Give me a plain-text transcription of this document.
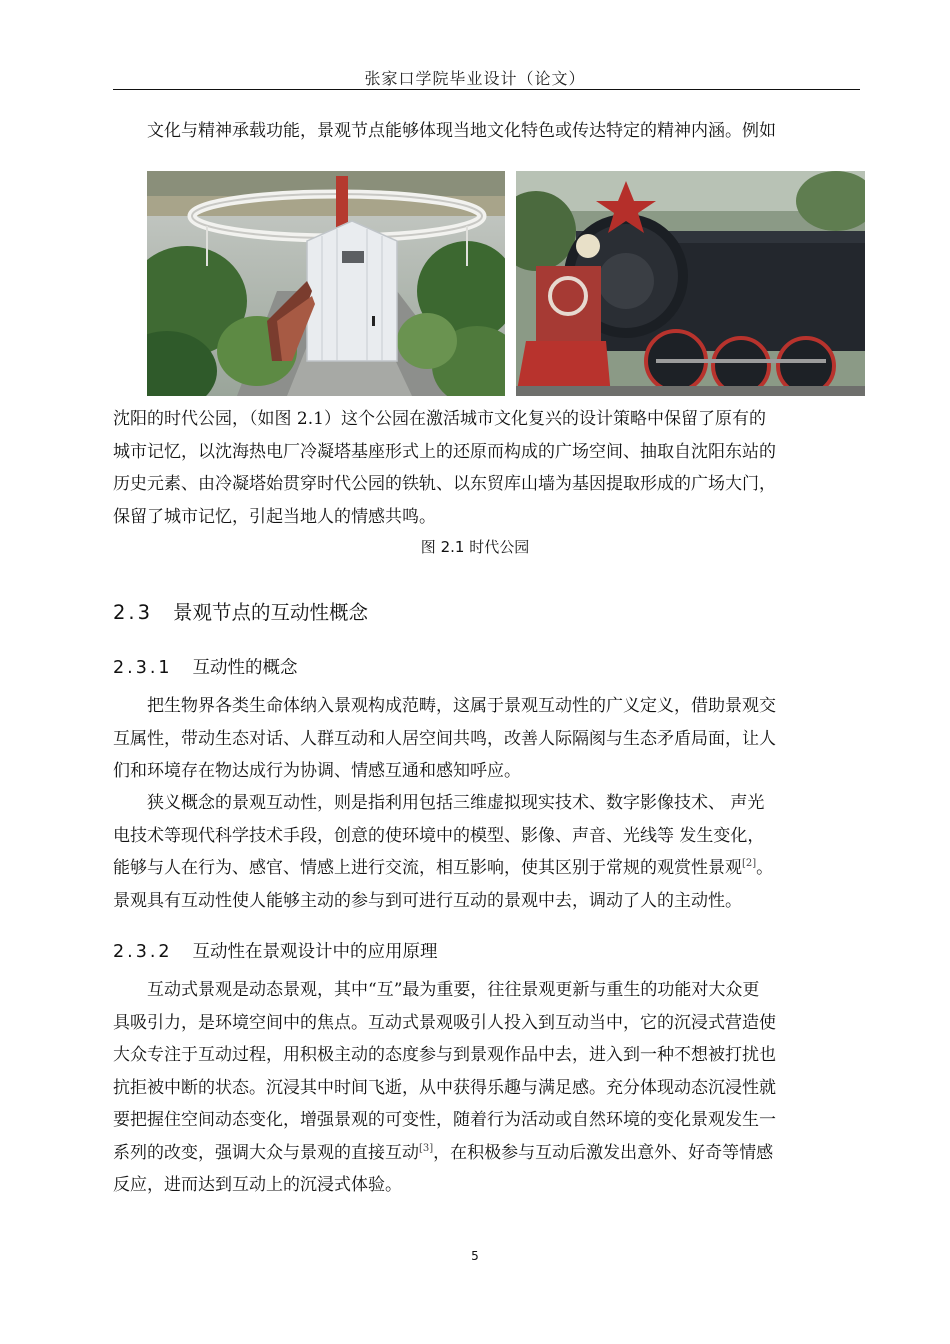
张家口学院毕业设计（论文）

文化与精神承载功能，景观节点能够体现当地文化特色或传达特定的精神内涵。例如

沈阳的时代公园，（如图 2.1）这个公园在激活城市文化复兴的设计策略中保留了原有的
城市记忆，以沈海热电厂冷凝塔基座形式上的还原而构成的广场空间、抽取自沈阳东站的
历史元素、由冷凝塔始贯穿时代公园的铁轨、以东贸库山墙为基因提取形成的广场大门，
保留了城市记忆，引起当地人的情感共鸣。

图 2.1 时代公园
2.3 景观节点的互动性概念
2.3.1 互动性的概念

把生物界各类生命体纳入景观构成范畴，这属于景观互动性的广义定义，借助景观交
互属性，带动生态对话、人群互动和人居空间共鸣，改善人际隔阂与生态矛盾局面，让人
们和环境存在物达成行为协调、情感互通和感知呼应。

狭义概念的景观互动性，则是指利用包括三维虚拟现实技术、数字影像技术、 声光
电技术等现代科学技术手段，创意的使环境中的模型、影像、声音、光线等 发生变化，
能够与人在行为、感官、情感上进行交流，相互影响，使其区别于常规的观赏性景观[2]。
景观具有互动性使人能够主动的参与到可进行互动的景观中去，调动了人的主动性。

2.3.2 互动性在景观设计中的应用原理

互动式景观是动态景观，其中“互”最为重要，往往景观更新与重生的功能对大众更
具吸引力，是环境空间中的焦点。互动式景观吸引人投入到互动当中，它的沉浸式营造使
大众专注于互动过程，用积极主动的态度参与到景观作品中去，进入到一种不想被打扰也
抗拒被中断的状态。沉浸其中时间飞逝，从中获得乐趣与满足感。充分体现动态沉浸性就
要把握住空间动态变化，增强景观的可变性，随着行为活动或自然环境的变化景观发生一
系列的改变，强调大众与景观的直接互动[3]，在积极参与互动后激发出意外、好奇等情感
反应，进而达到互动上的沉浸式体验。

5
